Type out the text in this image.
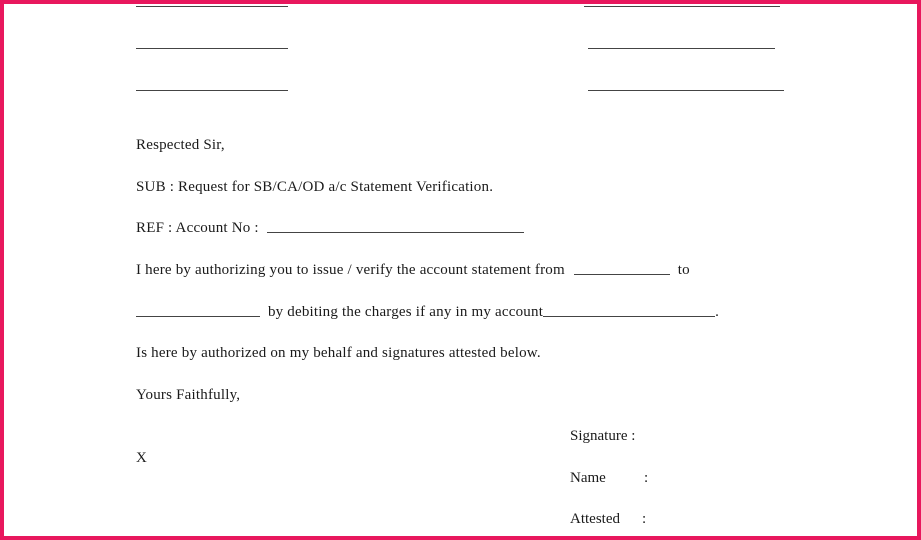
Respected Sir,
SUB : Request for SB/CA/OD a/c Statement Verification.
REF : Account No :
I here by authorizing you to issue / verify the account statement from	to
by debiting the charges if any in my account	.
Is here by authorized on my behalf and signatures attested below.
Yours Faithfully,
X
Signature :
Name	:
Attested :
